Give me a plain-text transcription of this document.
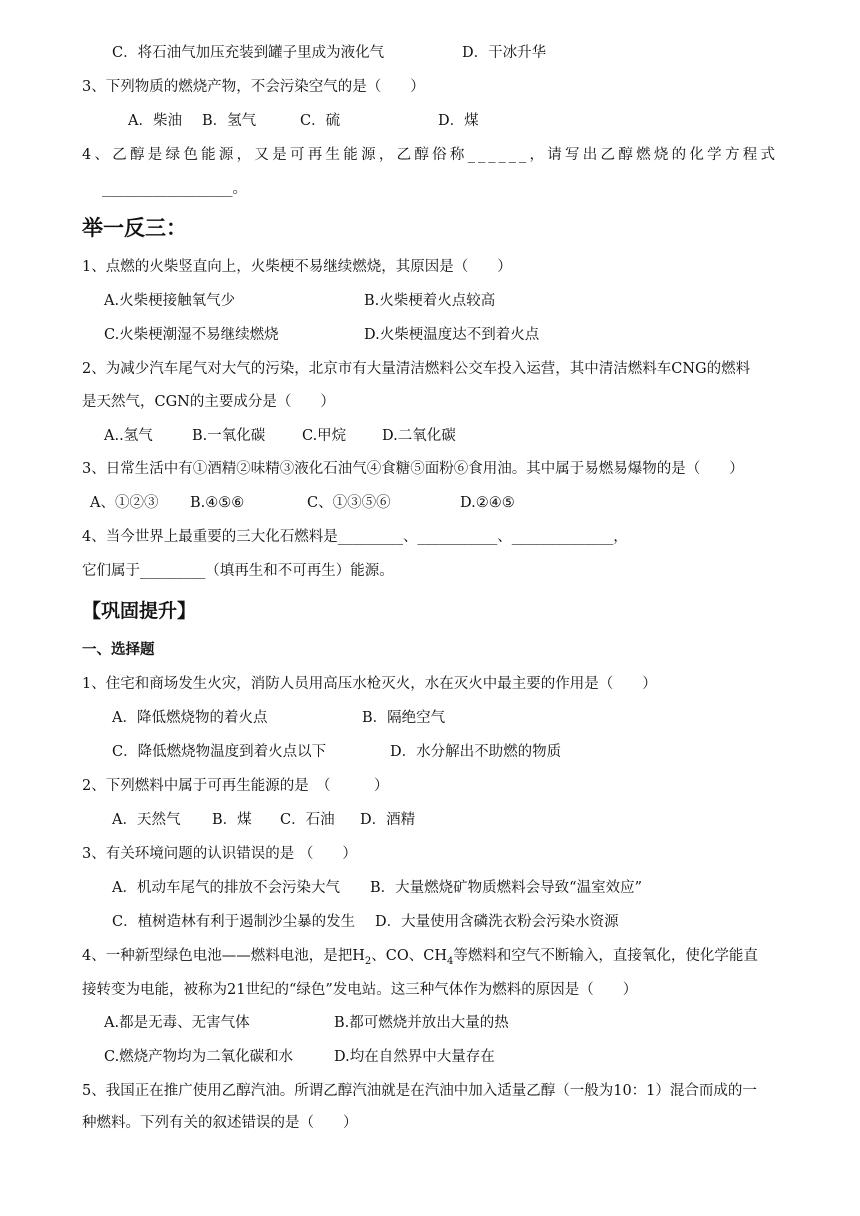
C．将石油气加压充装到罐子里成为液化气	D．干冰升华
3、下列物质的燃烧产物，不会污染空气的是（　　）
A．柴油 B．氢气	C．硫	D．煤
4、乙醇是绿色能源，又是可再生能源，乙醇俗称______，请写出乙醇燃烧的化学方程式
__________________。
举一反三：
1、点燃的火柴竖直向上，火柴梗不易继续燃烧，其原因是（　　）
A.火柴梗接触氧气少	B.火柴梗着火点较高
C.火柴梗潮湿不易继续燃烧	D.火柴梗温度达不到着火点
2、为减少汽车尾气对大气的污染，北京市有大量清洁燃料公交车投入运营，其中清洁燃料车CNG的燃料
是天然气，CGN的主要成分是（　　）
A..氢气	B.一氧化碳	C.甲烷 D.二氧化碳
3、日常生活中有①酒精②味精③液化石油气④食糖⑤面粉⑥食用油。其中属于易燃易爆物的是（　　）
A、①②③ B.④⑤⑥	C、①③⑤⑥	D.②④⑤
4、当今世界上最重要的三大化石燃料是_________、___________、______________，
它们属于_________（填再生和不可再生）能源。
【巩固提升】
一、选择题
1、住宅和商场发生火灾，消防人员用高压水枪灭火，水在灭火中最主要的作用是（　　）
A．降低燃烧物的着火点	B．隔绝空气
C．降低燃烧物温度到着火点以下	D．水分解出不助燃的物质
2、下列燃料中属于可再生能源的是　（　　　）
A．天然气 B．煤 C．石油 D．酒精
3、有关环境问题的认识错误的是 （　　）
A．机动车尾气的排放不会污染大气 B．大量燃烧矿物质燃料会导致“温室效应”
C．植树造林有利于遏制沙尘暴的发生 D．大量使用含磷洗衣粉会污染水资源
4、一种新型绿色电池——燃料电池，是把$H_2$、CO、$CH_4$等燃料和空气不断输入，直接氧化，使化学能直
接转变为电能，被称为21世纪的“绿色”发电站。这三种气体作为燃料的原因是（　　）
A.都是无毒、无害气体	B.都可燃烧并放出大量的热
C.燃烧产物均为二氧化碳和水	D.均在自然界中大量存在
5、我国正在推广使用乙醇汽油。所谓乙醇汽油就是在汽油中加入适量乙醇（一般为10：1）混合而成的一
种燃料。下列有关的叙述错误的是（　　）
